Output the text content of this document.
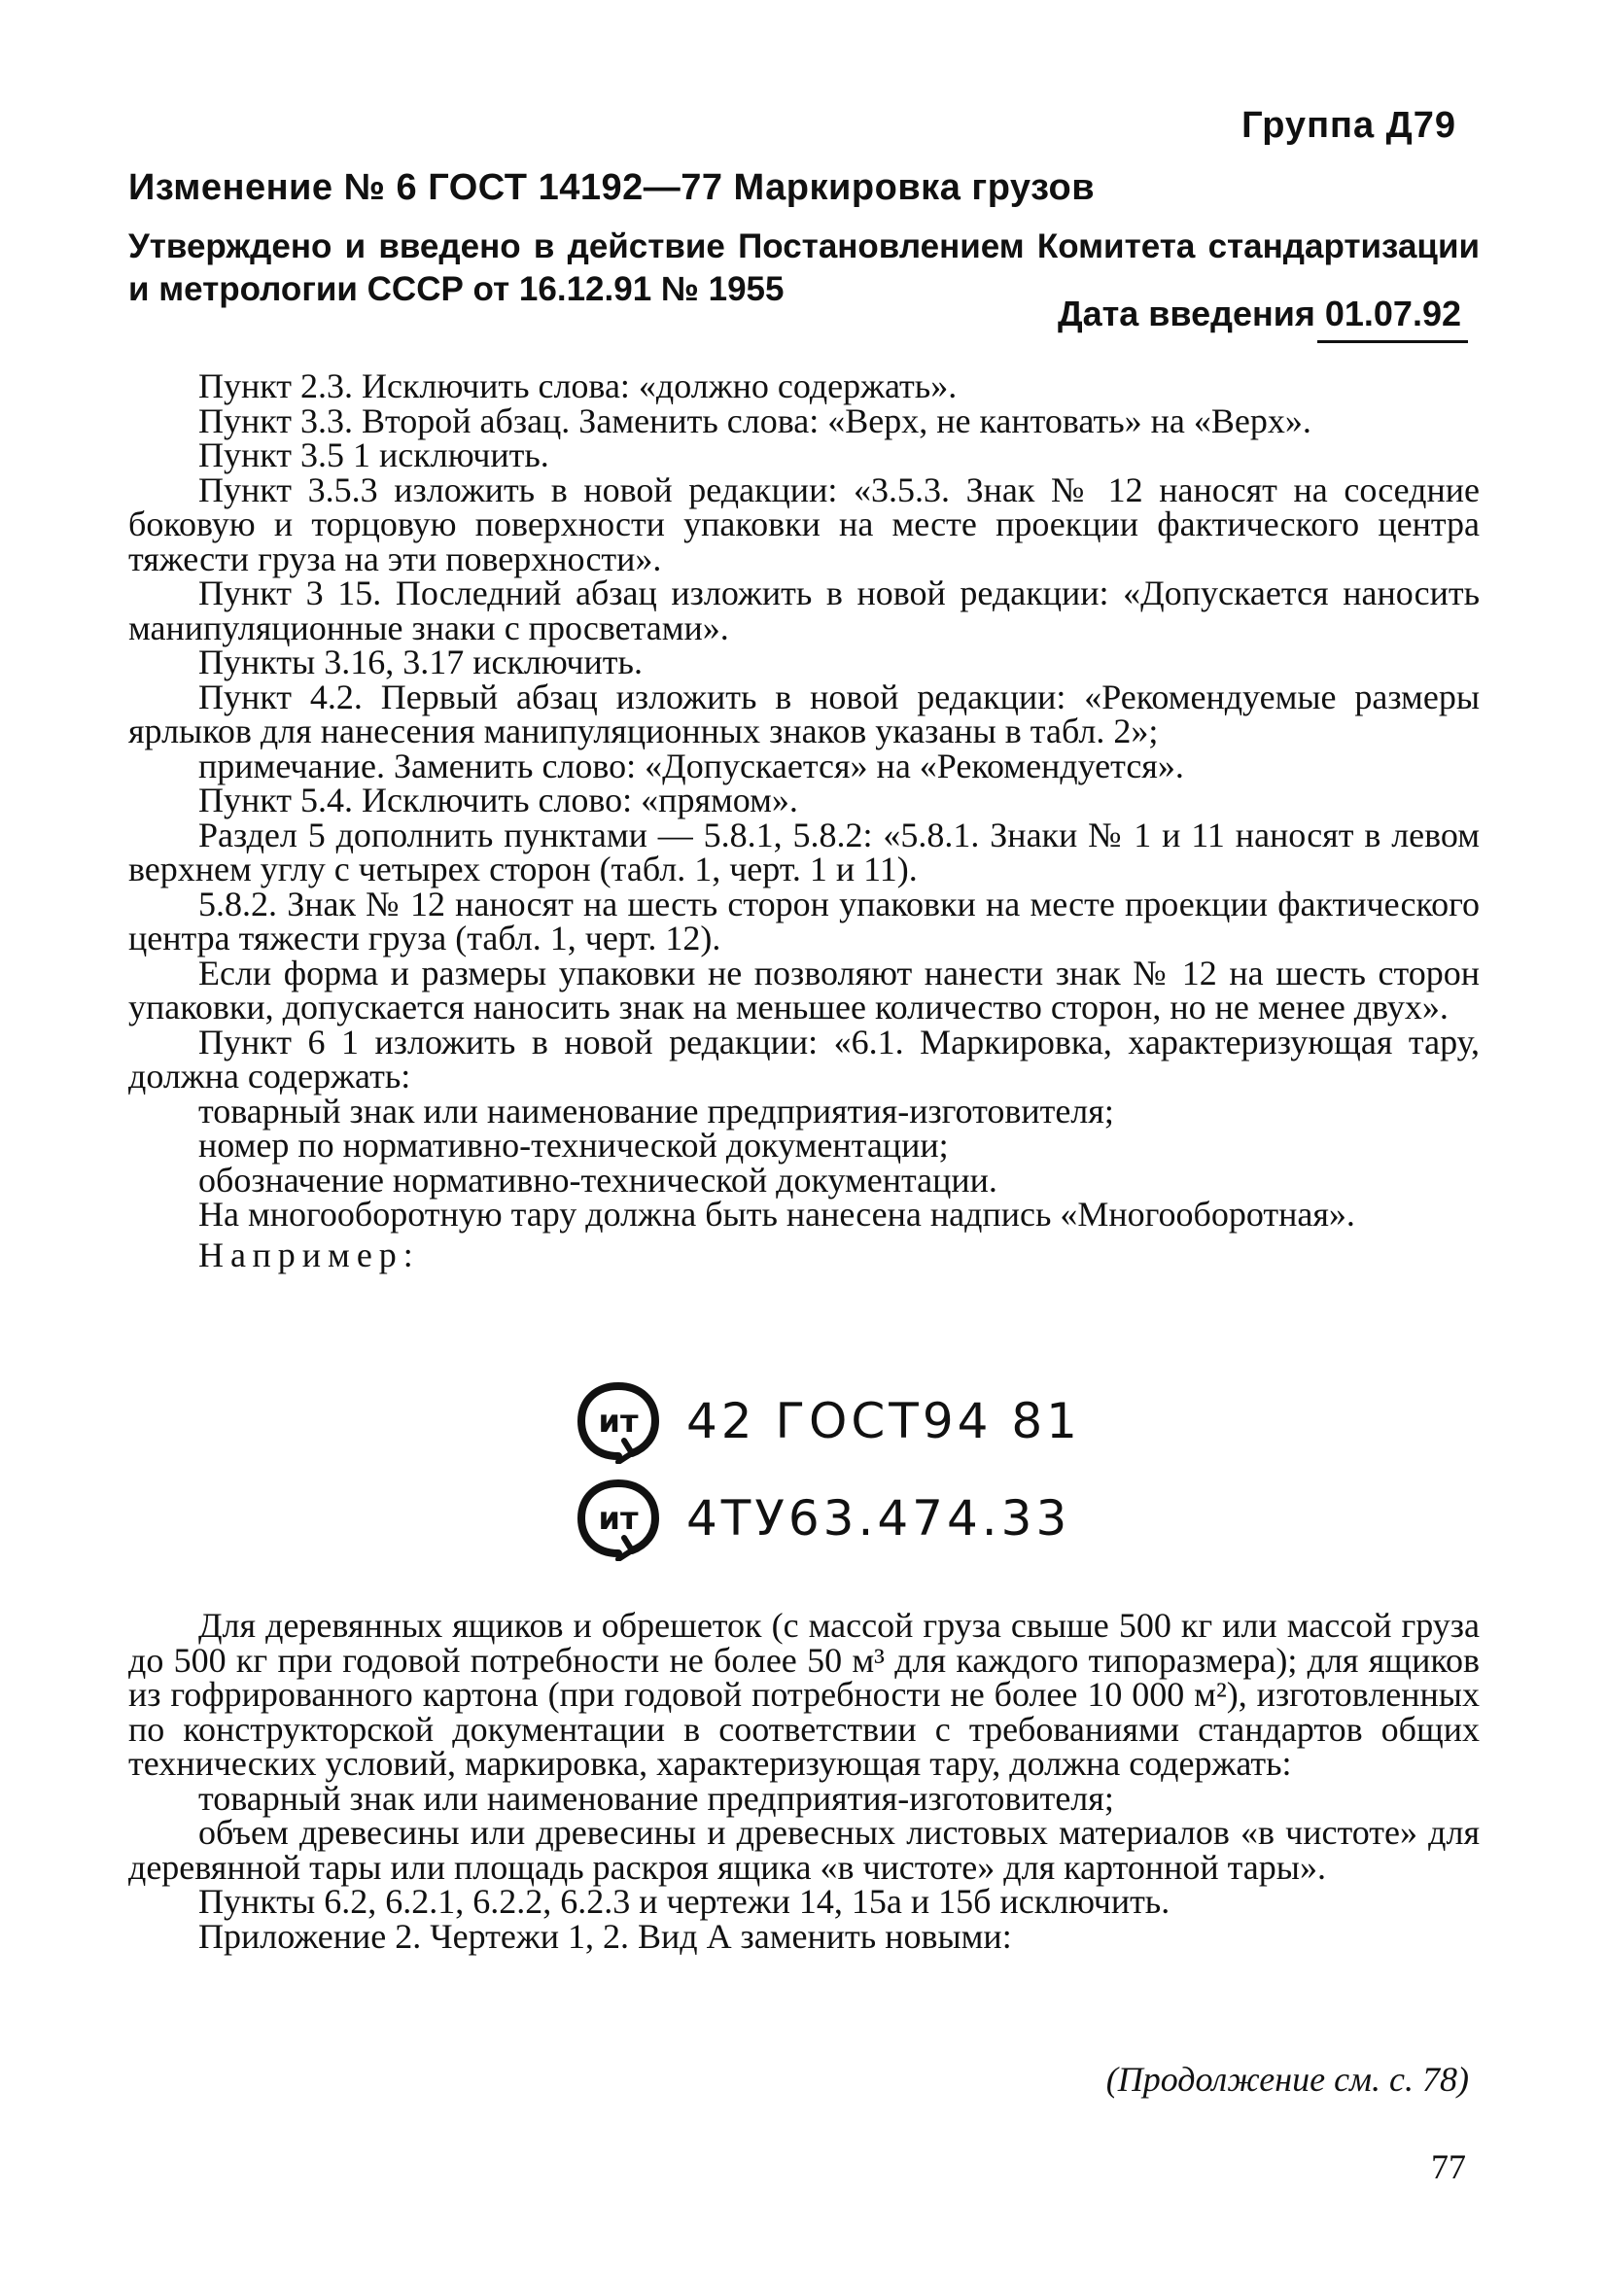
Группа Д79
Изменение № 6 ГОСТ 14192—77 Маркировка грузов
Утверждено и введено в действие Постановлением Комитета стандартизации и метрологии СССР от 16.12.91 № 1955
Дата введения 01.07.92

Пункт 2.3. Исключить слова: «должно содержать».

Пункт 3.3. Второй абзац. Заменить слова: «Верх, не кантовать» на «Верх».

Пункт 3.5 1 исключить.

Пункт 3.5.3 изложить в новой редакции: «3.5.3. Знак № 12 наносят на соседние боковую и торцовую поверхности упаковки на месте проекции фактического центра тяжести груза на эти поверхности».

Пункт 3 15. Последний абзац изложить в новой редакции: «Допускается наносить манипуляционные знаки с просветами».

Пункты 3.16, 3.17 исключить.

Пункт 4.2. Первый абзац изложить в новой редакции: «Рекомендуемые размеры ярлыков для нанесения манипуляционных знаков указаны в табл. 2»;

примечание. Заменить слово: «Допускается» на «Рекомендуется».

Пункт 5.4. Исключить слово: «прямом».

Раздел 5 дополнить пунктами — 5.8.1, 5.8.2: «5.8.1. Знаки № 1 и 11 наносят в левом верхнем углу с четырех сторон (табл. 1, черт. 1 и 11).

5.8.2. Знак № 12 наносят на шесть сторон упаковки на месте проекции фактического центра тяжести груза (табл. 1, черт. 12).

Если форма и размеры упаковки не позволяют нанести знак № 12 на шесть сторон упаковки, допускается наносить знак на меньшее количество сторон, но не менее двух».

Пункт 6 1 изложить в новой редакции: «6.1. Маркировка, характеризующая тару, должна содержать:

товарный знак или наименование предприятия-изготовителя;

номер по нормативно-технической документации;

обозначение нормативно-технической документации.

На многооборотную тару должна быть нанесена надпись «Многооборотная».

Например:

ит 42 ГОСТ94 81
ит 4ТУ63.474.33

Для деревянных ящиков и обрешеток (с массой груза свыше 500 кг или массой груза до 500 кг при годовой потребности не более 50 м³ для каждого типоразмера); для ящиков из гофрированного картона (при годовой потребности не более 10 000 м²), изготовленных по конструкторской документации в соответствии с требованиями стандартов общих технических условий, маркировка, характеризующая тару, должна содержать:

товарный знак или наименование предприятия-изготовителя;

объем древесины или древесины и древесных листовых материалов «в чистоте» для деревянной тары или площадь раскроя ящика «в чистоте» для картонной тары».

Пункты 6.2, 6.2.1, 6.2.2, 6.2.3 и чертежи 14, 15а и 15б исключить.

Приложение 2. Чертежи 1, 2. Вид А заменить новыми:

(Продолжение см. с. 78)
77
